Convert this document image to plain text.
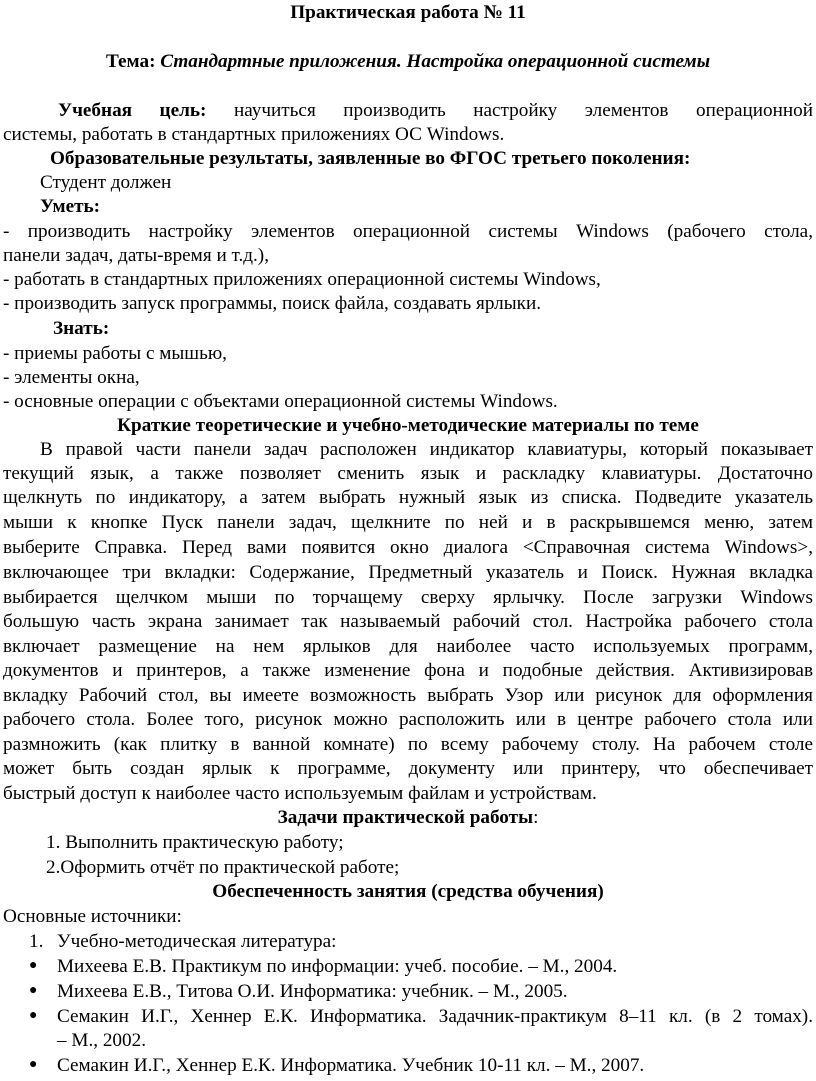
Практическая работа № 11
Тема: Стандартные приложения. Настройка операционной системы
Учебная цель: научиться производить настройку элементов операционной
системы, работать в стандартных приложениях ОС Windows.
Образовательные результаты, заявленные во ФГОС третьего поколения:
Студент должен
Уметь:
- производить настройку элементов операционной системы Windows (рабочего стола,
панели задач, даты-время и т.д.),
- работать в стандартных приложениях операционной системы Windows,
- производить запуск программы, поиск файла, создавать ярлыки.
Знать:
- приемы работы с мышью,
- элементы окна,
- основные операции с объектами операционной системы Windows.
Краткие теоретические и учебно-методические материалы по теме
В правой части панели задач расположен индикатор клавиатуры, который показывает
текущий язык, а также позволяет сменить язык и раскладку клавиатуры. Достаточно
щелкнуть по индикатору, а затем выбрать нужный язык из списка. Подведите указатель
мыши к кнопке Пуск панели задач, щелкните по ней и в раскрывшемся меню, затем
выберите Справка. Перед вами появится окно диалога <Справочная система Windows>,
включающее три вкладки: Содержание, Предметный указатель и Поиск. Нужная вкладка
выбирается щелчком мыши по торчащему сверху ярлычку. После загрузки Windows
большую часть экрана занимает так называемый рабочий стол. Настройка рабочего стола
включает размещение на нем ярлыков для наиболее часто используемых программ,
документов и принтеров, а также изменение фона и подобные действия. Активизировав
вкладку Рабочий стол, вы имеете возможность выбрать Узор или рисунок для оформления
рабочего стола. Более того, рисунок можно расположить или в центре рабочего стола или
размножить (как плитку в ванной комнате) по всему рабочему столу. На рабочем столе
может быть создан ярлык к программе, документу или принтеру, что обеспечивает
быстрый доступ к наиболее часто используемым файлам и устройствам.
Задачи практической работы:
1. Выполнить практическую работу;
2.Оформить отчёт по практической работе;
Обеспеченность занятия (средства обучения)
Основные источники:
1. Учебно-методическая литература:
● Михеева Е.В. Практикум по информации: учеб. пособие. – М., 2004.
● Михеева Е.В., Титова О.И. Информатика: учебник. – М., 2005.
● Семакин И.Г., Хеннер Е.К. Информатика. Задачник-практикум 8–11 кл. (в 2 томах).
– М., 2002.
● Семакин И.Г., Хеннер Е.К. Информатика. Учебник 10-11 кл. – М., 2007.
